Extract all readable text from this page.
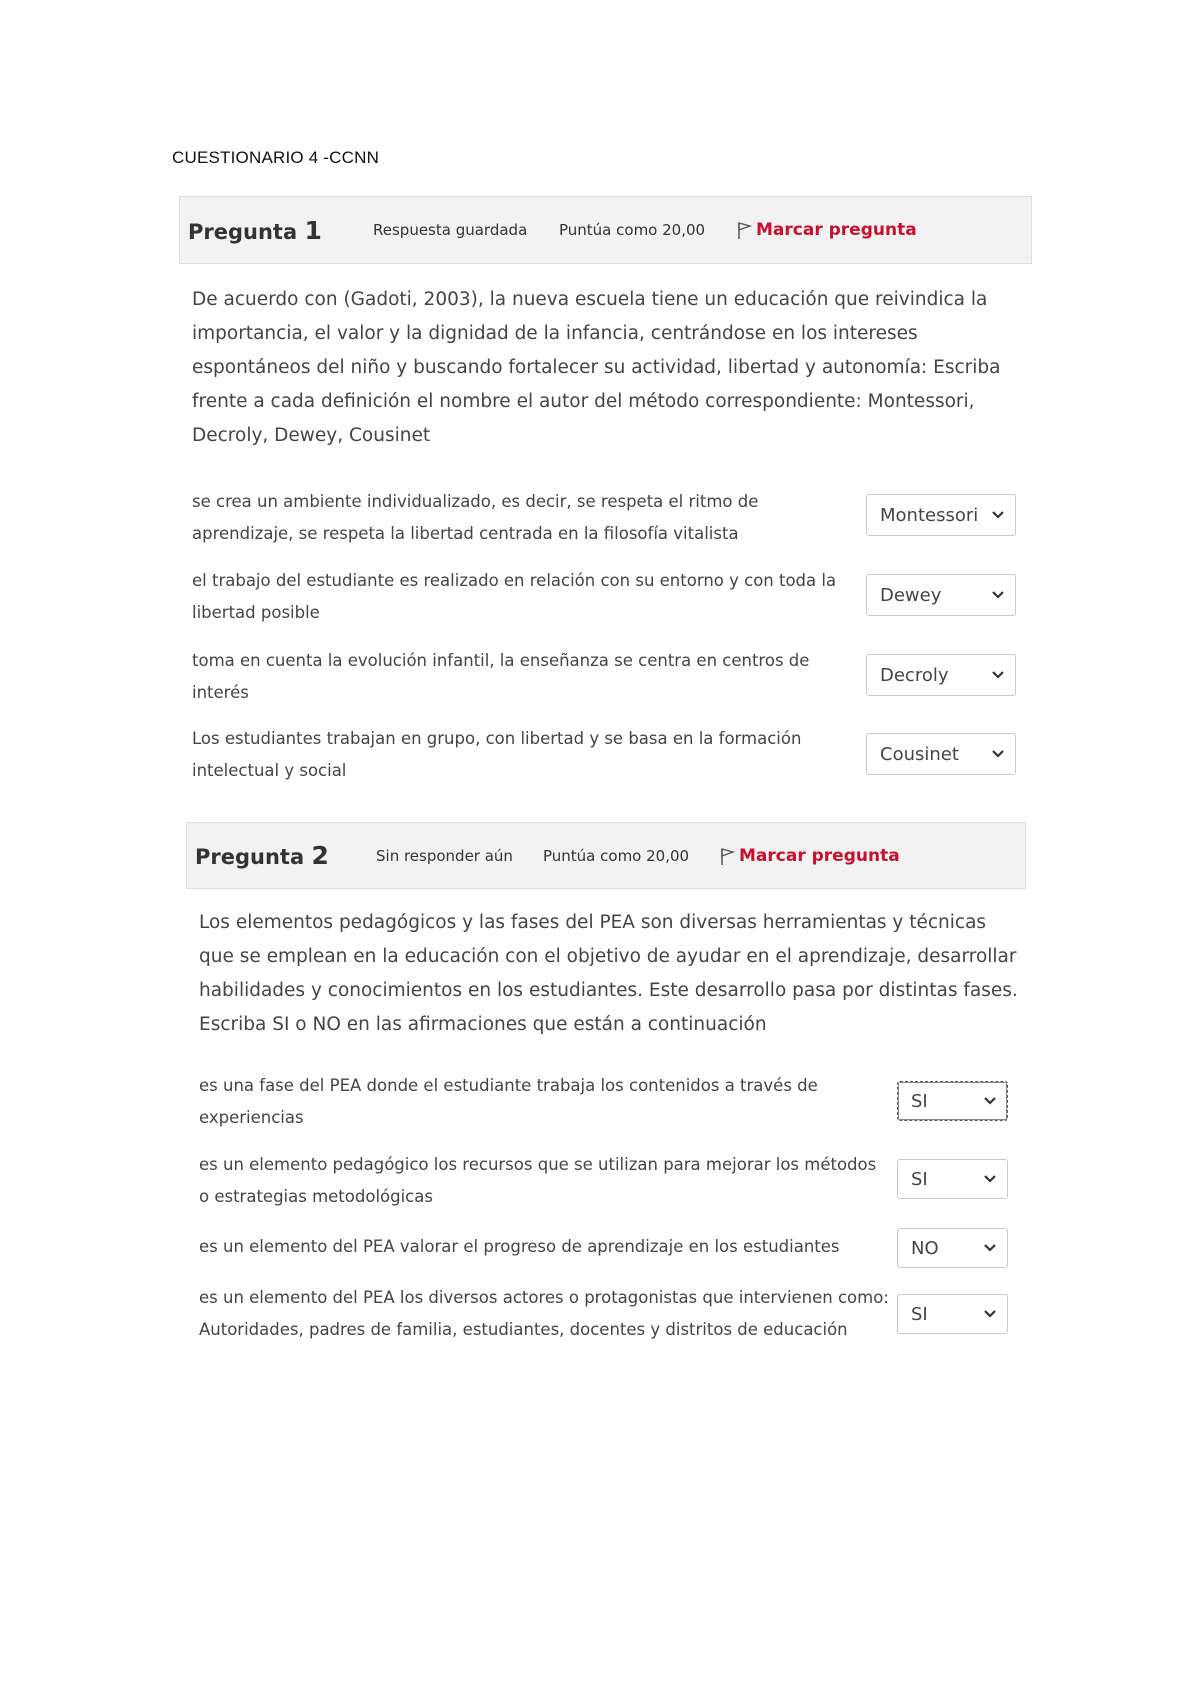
CUESTIONARIO 4 -CCNN
Pregunta 1	Respuesta guardada Puntúa como 20,00	Marcar pregunta
De acuerdo con (Gadoti, 2003), la nueva escuela tiene un educación que reivindica la importancia, el valor y la dignidad de la infancia, centrándose en los intereses espontáneos del niño y buscando fortalecer su actividad, libertad y autonomía: Escriba frente a cada definición el nombre el autor del método correspondiente: Montessori, Decroly, Dewey, Cousinet
se crea un ambiente individualizado, es decir, se respeta el ritmo de aprendizaje, se respeta la libertad centrada en la filosofía vitalista
Montessori
el trabajo del estudiante es realizado en relación con su entorno y con toda la libertad posible
Dewey
toma en cuenta la evolución infantil, la enseñanza se centra en centros de interés
Decroly
Los estudiantes trabajan en grupo, con libertad y se basa en la formación intelectual y social
Cousinet
Pregunta 2	Sin responder aún Puntúa como 20,00	Marcar pregunta
Los elementos pedagógicos y las fases del PEA son diversas herramientas y técnicas que se emplean en la educación con el objetivo de ayudar en el aprendizaje, desarrollar habilidades y conocimientos en los estudiantes. Este desarrollo pasa por distintas fases. Escriba SI o NO en las afirmaciones que están a continuación
es una fase del PEA donde el estudiante trabaja los contenidos a través de experiencias
SI
es un elemento pedagógico los recursos que se utilizan para mejorar los métodos o estrategias metodológicas
SI
es un elemento del PEA valorar el progreso de aprendizaje en los estudiantes	NO
es un elemento del PEA los diversos actores o protagonistas que intervienen como: Autoridades, padres de familia, estudiantes, docentes y distritos de educación
SI
